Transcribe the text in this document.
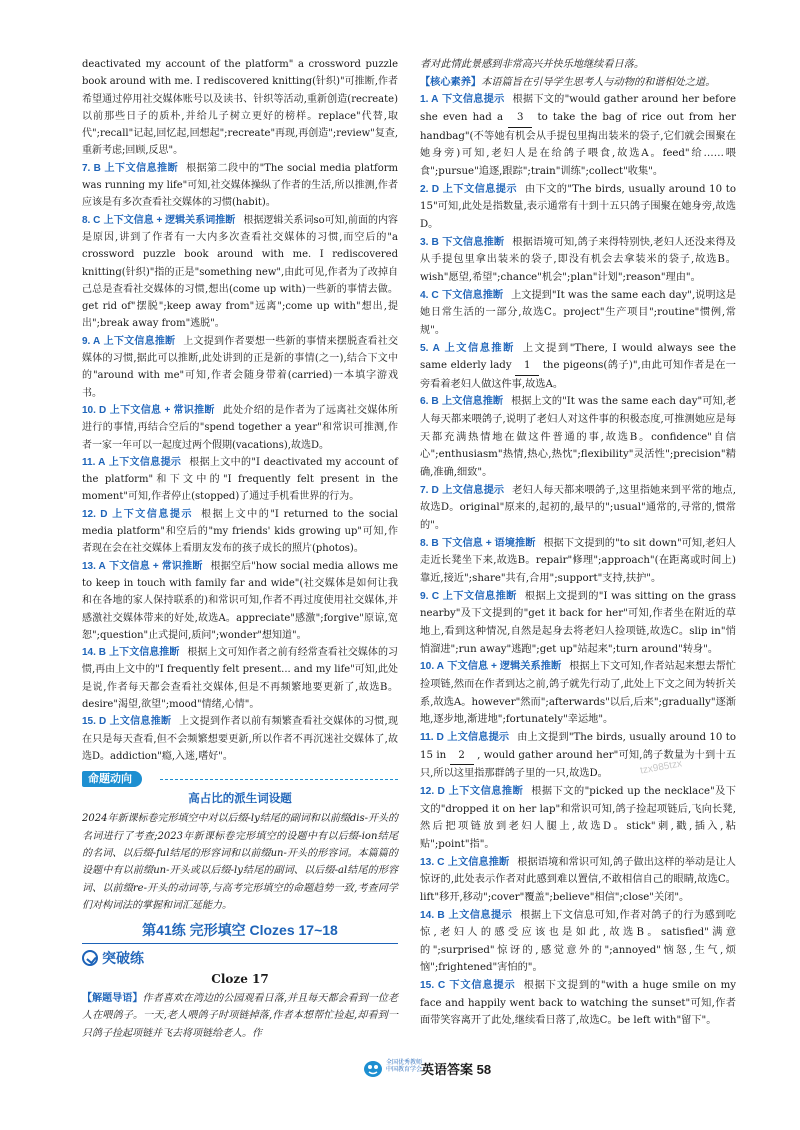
deactivated my account of the platform" a crossword puzzle book around with me. I rediscovered knitting(针织)"可推断,作者希望通过停用社交媒体账号以及读书、针织等活动,重新创造(recreate)以前那些日子的质朴,并给儿子树立更好的榜样。replace"代替,取代";recall"记起,回忆起,回想起";recreate"再现,再创造";review"复查,重新考虑;回顾,反思"。

7. B 上下文信息推断 根据第二段中的"The social media platform was running my life"可知,社交媒体操纵了作者的生活,所以推测,作者应该是有多次查看社交媒体的习惯(habit)。

8. C 上下文信息 + 逻辑关系词推断 根据逻辑关系词so可知,前面的内容是原因,讲到了作者有一大内多次查看社交媒体的习惯,而空后的"a crossword puzzle book around with me. I rediscovered knitting(针织)"指的正是"something new",由此可见,作者为了改掉自己总是查看社交媒体的习惯,想出(come up with)一些新的事情去做。get rid of"摆脱";keep away from"远离";come up with"想出,提出";break away from"逃脱"。

9. A 上下文信息推断 上文提到作者要想一些新的事情来摆脱查看社交媒体的习惯,据此可以推断,此处讲到的正是新的事情(之一),结合下文中的"around with me"可知,作者会随身带着(carried)一本填字游戏书。

10. D 上下文信息 + 常识推断 此处介绍的是作者为了远离社交媒体所进行的事情,再结合空后的"spend together a year"和常识可推测,作者一家一年可以一起度过两个假期(vacations),故选D。

11. A 上下文信息提示 根据上文中的"I deactivated my account of the platform"和下文中的"I frequently felt present in the moment"可知,作者停止(stopped)了通过手机看世界的行为。

12. D 上下文信息提示 根据上文中的"I returned to the social media platform"和空后的"my friends' kids growing up"可知,作者现在会在社交媒体上看朋友发布的孩子成长的照片(photos)。

13. A 下文信息 + 常识推断 根据空后"how social media allows me to keep in touch with family far and wide"(社交媒体是如何让我和在各地的家人保持联系的)和常识可知,作者不再过度使用社交媒体,并感激社交媒体带来的好处,故选A。appreciate"感激";forgive"原谅,宽恕";question"止式提问,质问";wonder"想知道"。

14. B 上下文信息推断 根据上文可知作者之前有经常查看社交媒体的习惯,再由上文中的"I frequently felt present... and my life"可知,此处是说,作者每天都会查看社交媒体,但是不再频繁地要更新了,故选B。desire"渴望,欲望";mood"情绪,心情"。

15. D 上文信息推断 上文提到作者以前有频繁查看社交媒体的习惯,现在只是每天查看,但不会频繁想要更新,所以作者不再沉迷社交媒体了,故选D。addiction"瘾,入迷,嗜好"。

命题动向
高占比的派生词设题

2024年新课标卷完形填空中对以后缀-ly结尾的副词和以前缀dis-开头的名词进行了考查;2023年新课标卷完形填空的设题中有以后缀-ion结尾的名词、以后缀-ful结尾的形容词和以前缀un-开头的形容词。本篇篇的设题中有以前缀un-开头或以后缀-ly结尾的副词、以后缀-al结尾的形容词、以前缀re-开头的动词等,与高考完形填空的命题趋势一致,考查同学们对构词法的掌握和词汇延能力。

第41练 完形填空 Clozes 17~18
突破练
Cloze 17

【解题导语】作者喜欢在湾边的公园观看日落,并且每天都会看到一位老人在喂鸽子。一天,老人喂鸽子时项链掉落,作者本想帮忙捡起,却看到一只鸽子捡起项链并飞去将项链给老人。作

者对此情此景感到非常高兴并快乐地继续看日落。

【核心素养】本语篇旨在引导学生思考人与动物的和谐相处之道。

1. A 下文信息提示 根据下文的"would gather around her before she even had a 3 to take the bag of rice out from her handbag"(不等她有机会从手提包里掏出装米的袋子,它们就会围聚在她身旁)可知,老妇人是在给鸽子喂食,故选A。feed"给……喂食";pursue"追逐,跟踪";train"训练";collect"收集"。

2. D 上下文信息提示 由下文的"The birds, usually around 10 to 15"可知,此处是指数量,表示通常有十到十五只鸽子围聚在她身旁,故选D。

3. B 下文信息推断 根据语境可知,鸽子来得特别快,老妇人还没来得及从手提包里拿出装米的袋子,即没有机会去拿装米的袋子,故选B。wish"愿望,希望";chance"机会";plan"计划";reason"理由"。

4. C 下文信息推断 上文提到"It was the same each day",说明这是她日常生活的一部分,故选C。project"生产项目";routine"惯例,常规"。

5. A 上文信息推断 上文提到"There, I would always see the same elderly lady 1 the pigeons(鸽子)",由此可知作者是在一旁看着老妇人做这件事,故选A。

6. B 上文信息推断 根据上文的"It was the same each day"可知,老人每天都来喂鸽子,说明了老妇人对这件事的积极态度,可推测她应是每天都充满热情地在做这件普通的事,故选B。confidence"自信心";enthusiasm"热情,热心,热忱";flexibility"灵活性";precision"精确,准确,细致"。

7. D 上文信息提示 老妇人每天都来喂鸽子,这里指她来到平常的地点,故选D。original"原来的,起初的,最早的";usual"通常的,寻常的,惯常的"。

8. B 下文信息 + 语境推断 根据下文提到的"to sit down"可知,老妇人走近长凳坐下来,故选B。repair"修理";approach"(在距离或时间上)靠近,接近";share"共有,合用";support"支持,扶护"。

9. C 上下文信息推断 根据上文提到的"I was sitting on the grass nearby"及下文提到的"get it back for her"可知,作者坐在附近的草地上,看到这种情况,自然是起身去将老妇人捡项链,故选C。slip in"悄悄溜进";run away"逃跑";get up"站起来";turn around"转身"。

10. A 下文信息 + 逻辑关系推断 根据上下文可知,作者站起来想去帮忙捡项链,然而在作者到达之前,鸽子就先行动了,此处上下文之间为转折关系,故选A。however"然而";afterwards"以后,后来";gradually"逐渐地,逐步地,渐进地";fortunately"幸运地"。

11. D 上文信息提示 由上文提到"The birds, usually around 10 to 15 in 2 , would gather around her"可知,鸽子数量为十到十五只,所以这里指那群鸽子里的一只,故选D。

12. D 上下文信息推断 根据下文的"picked up the necklace"及下文的"dropped it on her lap"和常识可知,鸽子捡起项链后,飞向长凳,然后把项链放到老妇人腿上,故选D。stick"刺,戳,插入,粘贴";point"指"。

13. C 上文信息推断 根据语境和常识可知,鸽子做出这样的举动是让人惊讶的,此处表示作者对此感到难以置信,不敢相信自己的眼睛,故选C。lift"移开,移动";cover"覆盖";believe"相信";close"关闭"。

14. B 上文信息提示 根据上下文信息可知,作者对鸽子的行为感到吃惊,老妇人的感受应该也是如此,故选B。satisfied"满意的";surprised"惊讶的,感觉意外的";annoyed"恼怒,生气,烦恼";frightened"害怕的"。

15. C 下文信息提示 根据下文提到的"with a huge smile on my face and happily went back to watching the sunset"可知,作者面带笑容离开了此处,继续看日落了,故选C。be left with"留下"。

tzx985tzx
全国优秀教师
中国教育学会
英语答案 58
